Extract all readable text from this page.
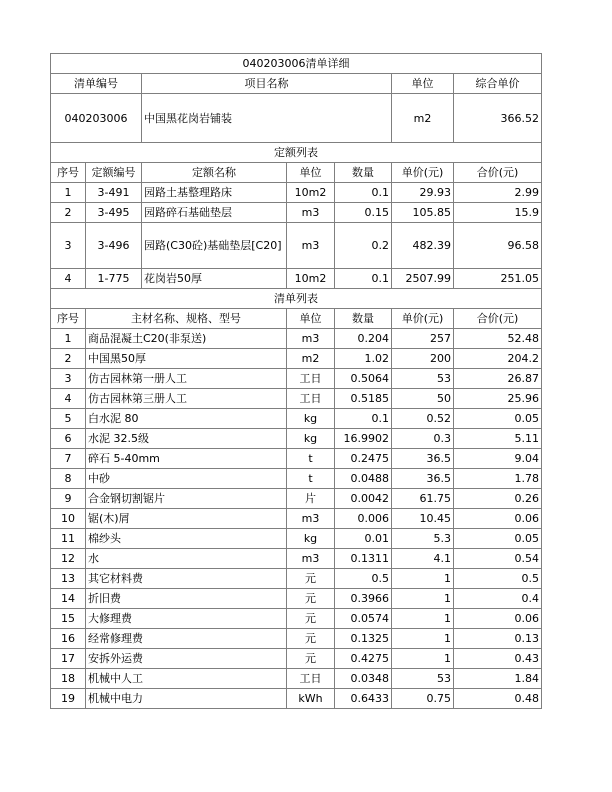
040203006清单详细						
清单编号		项目名称			单位	综合单价
040203006		中国黑花岗岩铺装			m2	366.52
定额列表						
序号	定额编号	定额名称	单位	数量	单价(元)	合价(元)
1	3-491	园路土基整理路床	10m2	0.1	29.93	2.99
2	3-495	园路碎石基础垫层	m3	0.15	105.85	15.9
3	3-496	园路(C30砼)基础垫层[C20]	m3	0.2	482.39	96.58
4	1-775	花岗岩50厚	10m2	0.1	2507.99	251.05
清单列表						
序号	主材名称、规格、型号		单位	数量	单价(元)	合价(元)
1	商品混凝土C20(非泵送)		m3	0.204	257	52.48
2	中国黑50厚		m2	1.02	200	204.2
3	仿古园林第一册人工		工日	0.5064	53	26.87
4	仿古园林第三册人工		工日	0.5185	50	25.96
5	白水泥 80		kg	0.1	0.52	0.05
6	水泥 32.5级		kg	16.9902	0.3	5.11
7	碎石 5-40mm		t	0.2475	36.5	9.04
8	中砂		t	0.0488	36.5	1.78
9	合金钢切割锯片		片	0.0042	61.75	0.26
10	锯(木)屑		m3	0.006	10.45	0.06
11	棉纱头		kg	0.01	5.3	0.05
12	水		m3	0.1311	4.1	0.54
13	其它材料费		元	0.5	1	0.5
14	折旧费		元	0.3966	1	0.4
15	大修理费		元	0.0574	1	0.06
16	经常修理费		元	0.1325	1	0.13
17	安拆外运费		元	0.4275	1	0.43
18	机械中人工		工日	0.0348	53	1.84
19	机械中电力		kWh	0.6433	0.75	0.48
